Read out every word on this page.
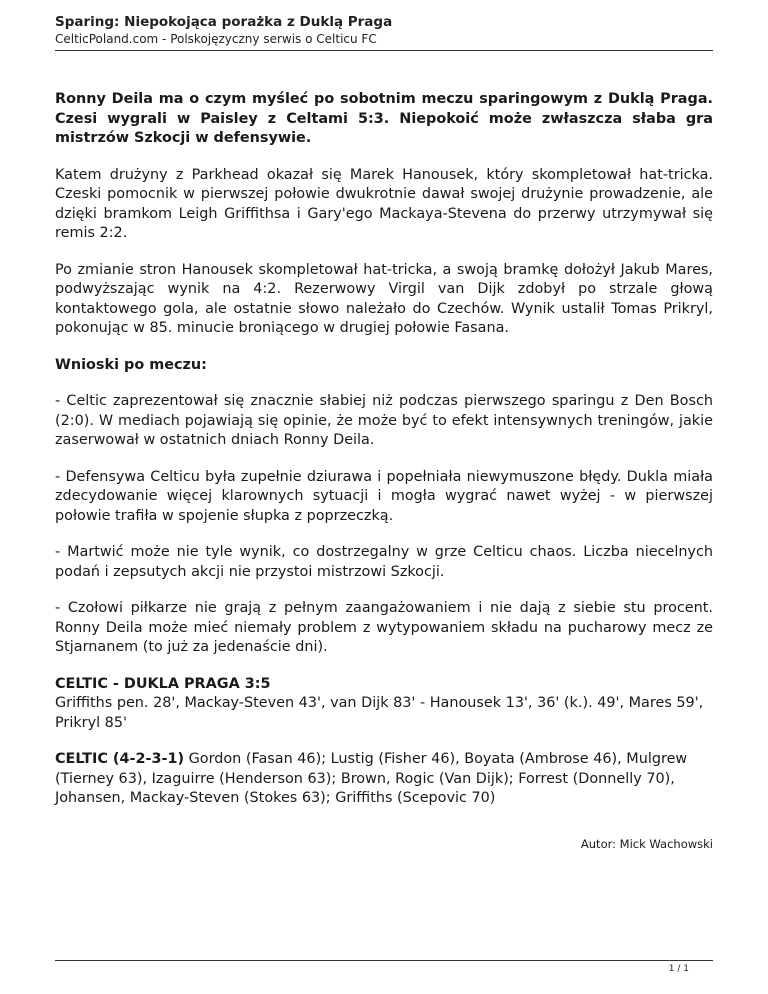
Sparing: Niepokojąca porażka z Duklą Praga
CelticPoland.com - Polskojęzyczny serwis o Celticu FC

Ronny Deila ma o czym myśleć po sobotnim meczu sparingowym z Duklą Praga. Czesi wygrali w Paisley z Celtami 5:3. Niepokoić może zwłaszcza słaba gra mistrzów Szkocji w defensywie.

Katem drużyny z Parkhead okazał się Marek Hanousek, który skompletował hat-tricka. Czeski pomocnik w pierwszej połowie dwukrotnie dawał swojej drużynie prowadzenie, ale dzięki bramkom Leigh Griffithsa i Gary'ego Mackaya-Stevena do przerwy utrzymywał się remis 2:2.

Po zmianie stron Hanousek skompletował hat-tricka, a swoją bramkę dołożył Jakub Mares, podwyższając wynik na 4:2. Rezerwowy Virgil van Dijk zdobył po strzale głową kontaktowego gola, ale ostatnie słowo należało do Czechów. Wynik ustalił Tomas Prikryl, pokonując w 85. minucie broniącego w drugiej połowie Fasana.

Wnioski po meczu:

- Celtic zaprezentował się znacznie słabiej niż podczas pierwszego sparingu z Den Bosch (2:0). W mediach pojawiają się opinie, że może być to efekt intensywnych treningów, jakie zaserwował w ostatnich dniach Ronny Deila.

- Defensywa Celticu była zupełnie dziurawa i popełniała niewymuszone błędy. Dukla miała zdecydowanie więcej klarownych sytuacji i mogła wygrać nawet wyżej - w pierwszej połowie trafiła w spojenie słupka z poprzeczką.

- Martwić może nie tyle wynik, co dostrzegalny w grze Celticu chaos. Liczba niecelnych podań i zepsutych akcji nie przystoi mistrzowi Szkocji.

- Czołowi piłkarze nie grają z pełnym zaangażowaniem i nie dają z siebie stu procent. Ronny Deila może mieć niemały problem z wytypowaniem składu na pucharowy mecz ze Stjarnanem (to już za jedenaście dni).

CELTIC - DUKLA PRAGA 3:5
Griffiths pen. 28', Mackay-Steven 43', van Dijk 83' - Hanousek 13', 36' (k.). 49', Mares 59', Prikryl 85'

CELTIC (4-2-3-1) Gordon (Fasan 46); Lustig (Fisher 46), Boyata (Ambrose 46), Mulgrew (Tierney 63), Izaguirre (Henderson 63); Brown, Rogic (Van Dijk); Forrest (Donnelly 70), Johansen, Mackay-Steven (Stokes 63); Griffiths (Scepovic 70)

Autor: Mick Wachowski
1 / 1
